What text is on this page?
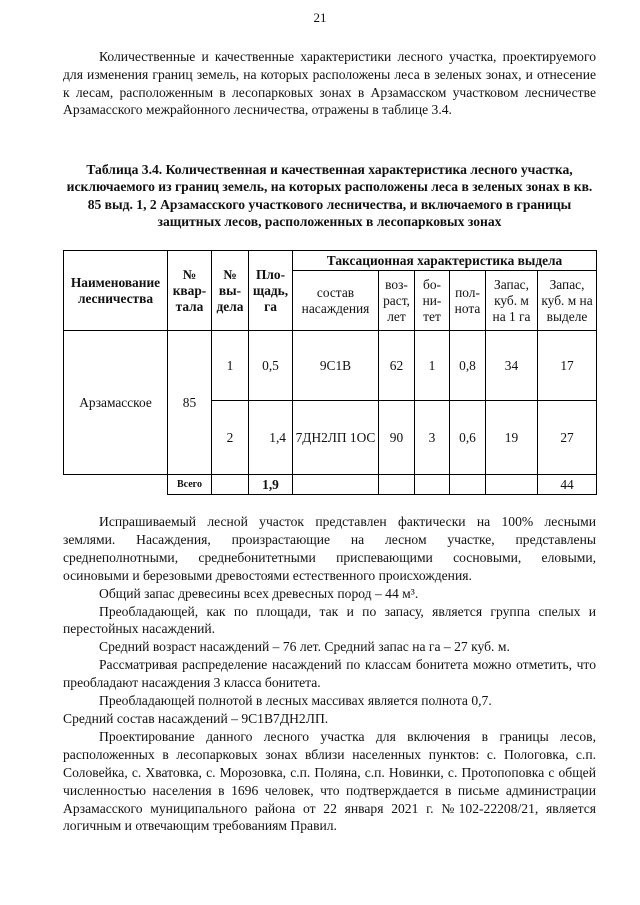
21

Количественные и качественные характеристики лесного участка, проектируемого для изменения границ земель, на которых расположены леса в зеленых зонах, и отнесение к лесам, расположенным в лесопарковых зонах в Арзамасском участковом лесничестве Арзамасского межрайонного лесничества, отражены в таблице 3.4.

Таблица 3.4. Количественная и качественная характеристика лесного участка, исключаемого из границ земель, на которых расположены леса в зеленых зонах в кв. 85 выд. 1, 2 Арзамасского участкового лесничества, и включаемого в границы защитных лесов, расположенных в лесопарковых зонах

Наименование лесничества	№ квар-тала	№ вы-дела	Пло-щадь, га	Таксационная характеристика выдела					
				состав насаждения	воз-раст, лет	бо-ни-тет	пол-нота	Запас, куб. м на 1 га	Запас, куб. м на выделе
Арзамасское	85	1	0,5	9С1В	62	1	0,8	34	17
		2	1,4	7ДН2ЛП 1ОС	90	3	0,6	19	27
	Всего		1,9						44

Испрашиваемый лесной участок представлен фактически на 100% лесными землями. Насаждения, произрастающие на лесном участке, представлены среднеполнотными, среднебонитетными приспевающими сосновыми, еловыми, осиновыми и березовыми древостоями естественного происхождения.

Общий запас древесины всех древесных пород – 44 м³.

Преобладающей, как по площади, так и по запасу, является группа спелых и перестойных насаждений.

Средний возраст насаждений – 76 лет. Средний запас на га – 27 куб. м.

Рассматривая распределение насаждений по классам бонитета можно отметить, что преобладают насаждения 3 класса бонитета.

Преобладающей полнотой в лесных массивах является полнота 0,7.

Средний состав насаждений – 9С1В7ДН2ЛП.

Проектирование данного лесного участка для включения в границы лесов, расположенных в лесопарковых зонах вблизи населенных пунктов: с. Пологовка, с.п. Соловейка, с. Хватовка, с. Морозовка, с.п. Поляна, с.п. Новинки, с. Протопоповка с общей численностью населения в 1696 человек, что подтверждается в письме администрации Арзамасского муниципального района от 22 января 2021 г. №102-22208/21, является логичным и отвечающим требованиям Правил.
